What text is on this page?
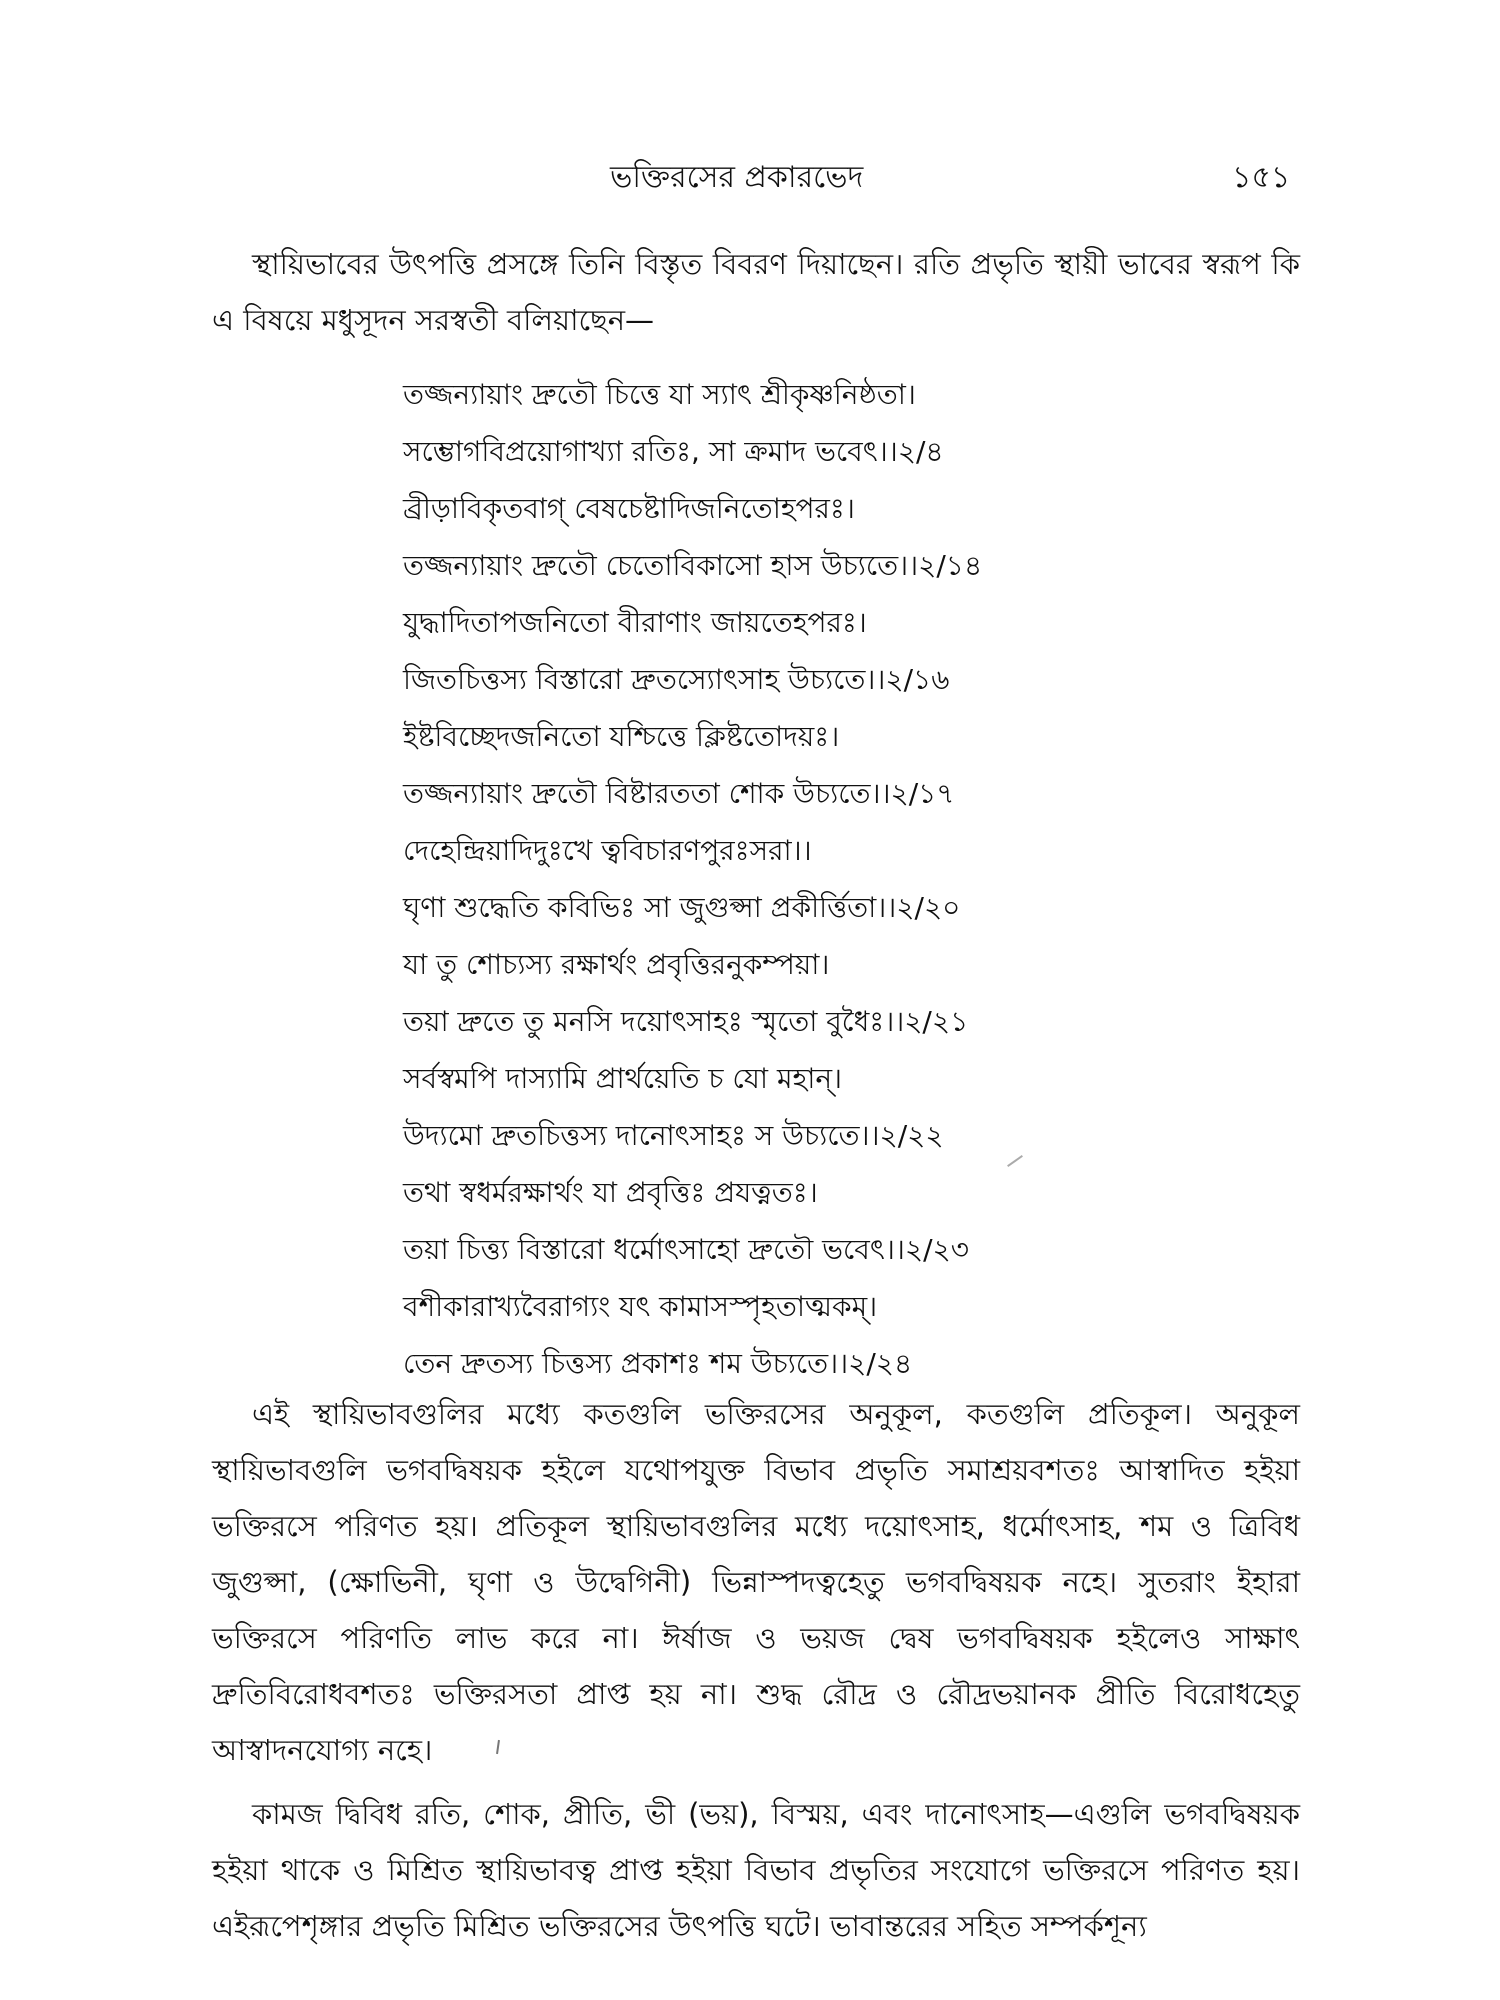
ভক্তিরসের প্রকারভেদ	১৫১

স্থায়িভাবের উৎপত্তি প্রসঙ্গে তিনি বিস্তৃত বিবরণ দিয়াছেন। রতি প্রভৃতি স্থায়ী ভাবের স্বরূপ কি এ বিষয়ে মধুসূদন সরস্বতী বলিয়াছেন—

তজ্জন্যায়াং দ্রুতৌ চিত্তে যা স্যাৎ শ্রীকৃষ্ণনিষ্ঠতা।
সম্ভোগবিপ্রয়োগাখ্যা রতিঃ, সা ক্রমাদ ভবেৎ।।২/৪
ব্রীড়াবিকৃতবাগ্ বেষচেষ্টাদিজনিতোহপরঃ।
তজ্জন্যায়াং দ্রুতৌ চেতোবিকাসো হাস উচ্যতে।।২/১৪
যুদ্ধাদিতাপজনিতো বীরাণাং জায়তেহপরঃ।
জিতচিত্তস্য বিস্তারো দ্রুতস্যোৎসাহ উচ্যতে।।২/১৬
ইষ্টবিচ্ছেদজনিতো যশ্চিত্তে ক্লিষ্টতোদয়ঃ।
তজ্জন্যায়াং দ্রুতৌ বিষ্টারততা শোক উচ্যতে।।২/১৭
দেহেন্দ্রিয়াদিদুঃখে ত্ববিচারণপুরঃসরা।।
ঘৃণা শুদ্ধেতি কবিভিঃ সা জুগুপ্সা প্রকীর্ত্তিতা।।২/২০
যা তু শোচ্যস্য রক্ষার্থং প্রবৃত্তিরনুকম্পয়া।
তয়া দ্রুতে তু মনসি দয়োৎসাহঃ স্মৃতো বুধৈঃ।।২/২১
সর্বস্বমপি দাস্যামি প্রার্থয়েতি চ যো মহান্।
উদ্যমো দ্রুতচিত্তস্য দানোৎসাহঃ স উচ্যতে।।২/২২
তথা স্বধর্মরক্ষার্থং যা প্রবৃত্তিঃ প্রযত্নতঃ।
তয়া চিত্ত্য বিস্তারো ধর্মোৎসাহো দ্রুতৌ ভবেৎ।।২/২৩
বশীকারাখ্যবৈরাগ্যং যৎ কামাসস্পৃহতাত্মকম্।
তেন দ্রুতস্য চিত্তস্য প্রকাশঃ শম উচ্যতে।।২/২৪

এই স্থায়িভাবগুলির মধ্যে কতগুলি ভক্তিরসের অনুকূল, কতগুলি প্রতিকূল। অনুকূল স্থায়িভাবগুলি ভগবদ্বিষয়ক হইলে যথোপযুক্ত বিভাব প্রভৃতি সমাশ্রয়বশতঃ আস্বাদিত হইয়া ভক্তিরসে পরিণত হয়। প্রতিকূল স্থায়িভাবগুলির মধ্যে দয়োৎসাহ, ধর্মোৎসাহ, শম ও ত্রিবিধ জুগুপ্সা, (ক্ষোভিনী, ঘৃণা ও উদ্বেগিনী) ভিন্নাস্পদত্বহেতু ভগবদ্বিষয়ক নহে। সুতরাং ইহারা ভক্তিরসে পরিণতি লাভ করে না। ঈর্ষাজ ও ভয়জ দ্বেষ ভগবদ্বিষয়ক হইলেও সাক্ষাৎ দ্রুতিবিরোধবশতঃ ভক্তিরসতা প্রাপ্ত হয় না। শুদ্ধ রৌদ্র ও রৌদ্রভয়ানক প্রীতি বিরোধহেতু আস্বাদনযোগ্য নহে।

কামজ দ্বিবিধ রতি, শোক, প্রীতি, ভী (ভয়), বিস্ময়, এবং দানোৎসাহ—এগুলি ভগবদ্বিষয়ক হইয়া থাকে ও মিশ্রিত স্থায়িভাবত্ব প্রাপ্ত হইয়া বিভাব প্রভৃতির সংযোগে ভক্তিরসে পরিণত হয়। এইরূপেশৃঙ্গার প্রভৃতি মিশ্রিত ভক্তিরসের উৎপত্তি ঘটে। ভাবান্তরের সহিত সম্পর্কশূন্য
